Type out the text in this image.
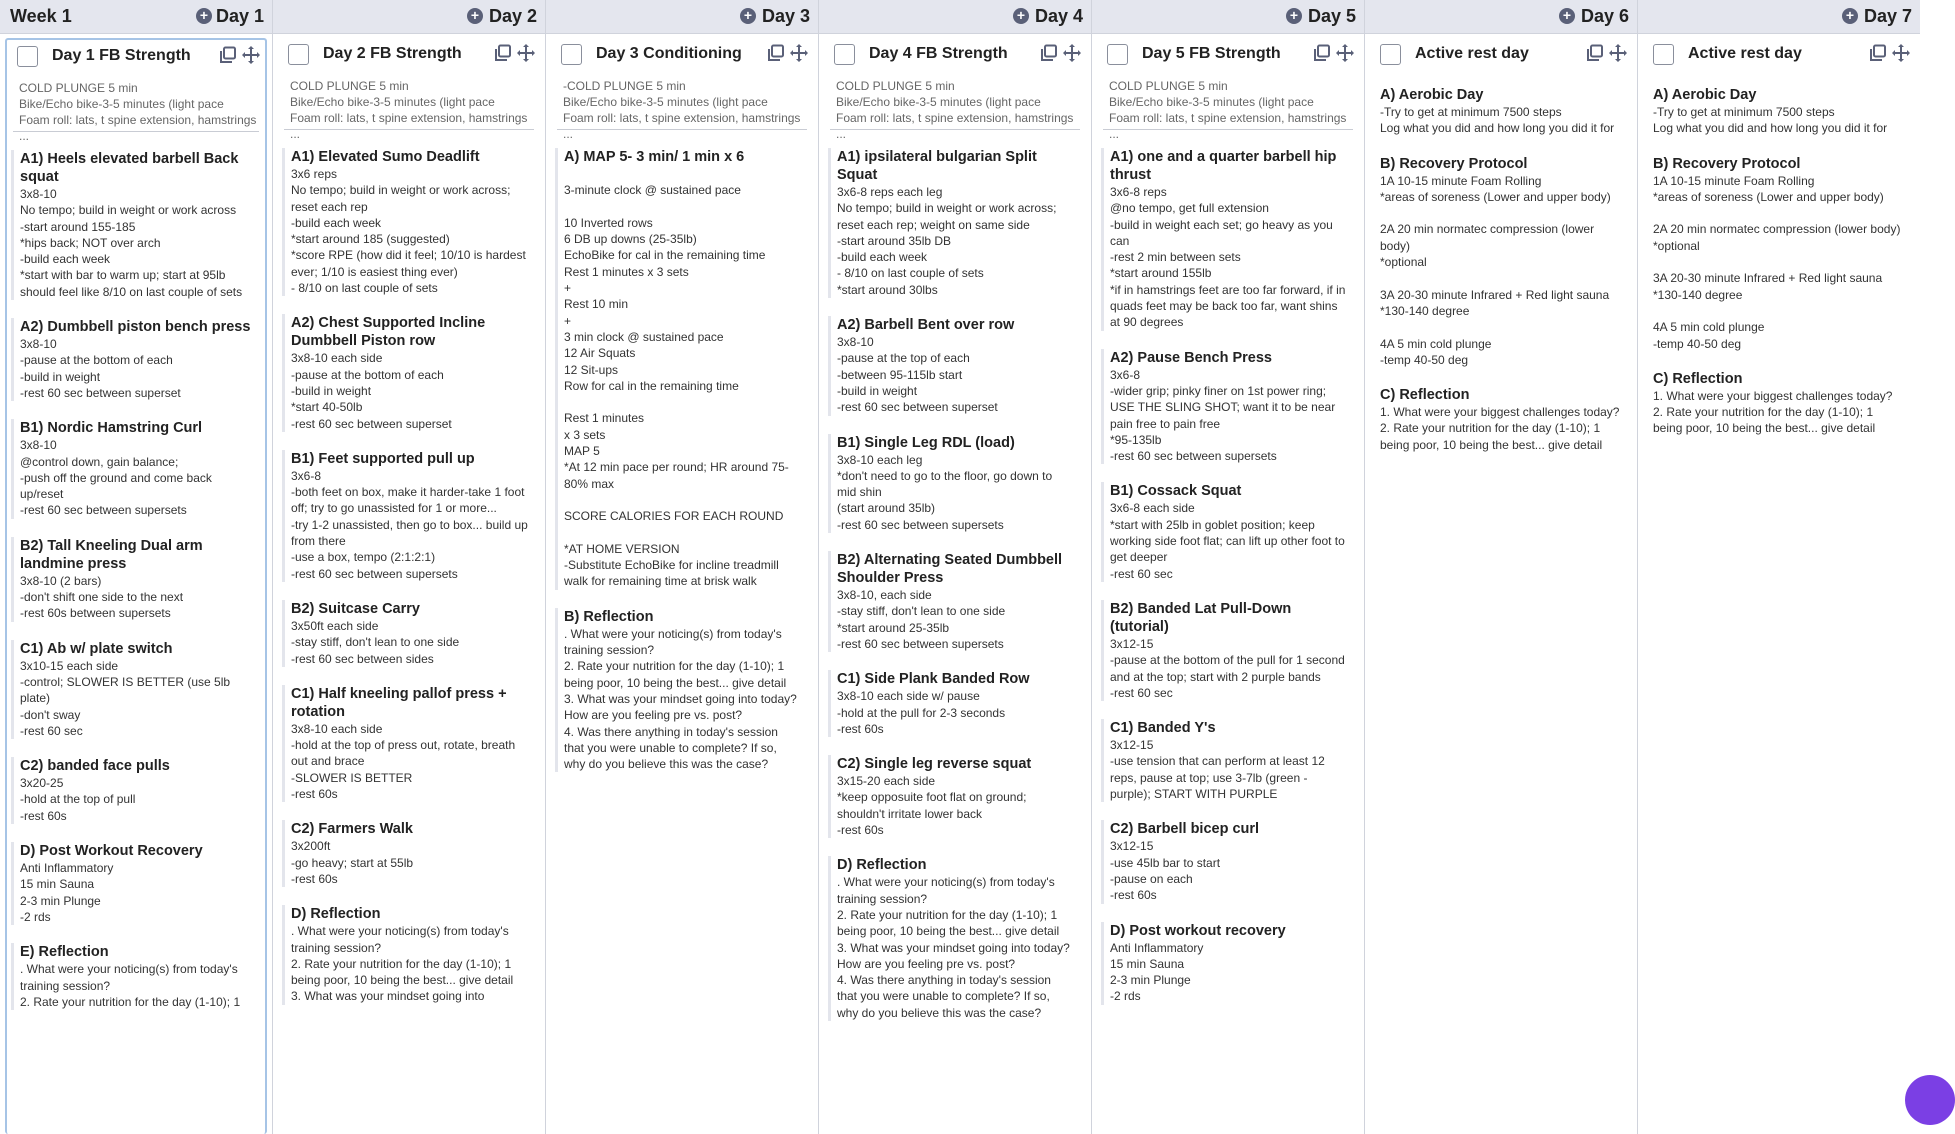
Week 1	+ Day 1
Day 1 FB Strength
COLD PLUNGE 5 min
Bike/Echo bike-3-5 minutes (light pace
Foam roll: lats, t spine extension, hamstrings
...
A1) Heels elevated barbell Back squat

3x8-10
No tempo; build in weight or work across
-start around 155-185
*hips back; NOT over arch
-build each week
*start with bar to warm up; start at 95lb should feel like 8/10 on last couple of sets

A2) Dumbbell piston bench press

3x8-10
-pause at the bottom of each
-build in weight
-rest 60 sec between superset

B1) Nordic Hamstring Curl

3x8-10
@control down, gain balance;
-push off the ground and come back up/reset
-rest 60 sec between supersets

B2) Tall Kneeling Dual arm landmine press

3x8-10 (2 bars)
-don't shift one side to the next
-rest 60s between supersets

C1) Ab w/ plate switch

3x10-15 each side
-control; SLOWER IS BETTER (use 5lb plate)
-don't sway
-rest 60 sec

C2) banded face pulls

3x20-25
-hold at the top of pull
-rest 60s

D) Post Workout Recovery

Anti Inflammatory
15 min Sauna
2-3 min Plunge
-2 rds

E) Reflection

. What were your noticing(s) from today's training session?
2. Rate your nutrition for the day (1-10); 1

+ Day 2
Day 2 FB Strength
COLD PLUNGE 5 min
Bike/Echo bike-3-5 minutes (light pace
Foam roll: lats, t spine extension, hamstrings
...
A1) Elevated Sumo Deadlift

3x6 reps
No tempo; build in weight or work across; reset each rep
-build each week
*start around 185 (suggested)
*score RPE (how did it feel; 10/10 is hardest ever; 1/10 is easiest thing ever)
- 8/10 on last couple of sets

A2) Chest Supported Incline Dumbbell Piston row

3x8-10 each side
-pause at the bottom of each
-build in weight
*start 40-50lb
-rest 60 sec between superset

B1) Feet supported pull up

3x6-8
-both feet on box, make it harder-take 1 foot off; try to go unassisted for 1 or more...
-try 1-2 unassisted, then go to box... build up from there
-use a box, tempo (2:1:2:1)
-rest 60 sec between supersets

B2) Suitcase Carry

3x50ft each side
-stay stiff, don't lean to one side
-rest 60 sec between sides

C1) Half kneeling pallof press + rotation

3x8-10 each side
-hold at the top of press out, rotate, breath out and brace
-SLOWER IS BETTER
-rest 60s

C2) Farmers Walk

3x200ft
-go heavy; start at 55lb
-rest 60s

D) Reflection

. What were your noticing(s) from today's training session?
2. Rate your nutrition for the day (1-10); 1 being poor, 10 being the best... give detail
3. What was your mindset going into

+ Day 3
Day 3 Conditioning
-COLD PLUNGE 5 min
Bike/Echo bike-3-5 minutes (light pace
Foam roll: lats, t spine extension, hamstrings
...
A) MAP 5- 3 min/ 1 min x 6

3-minute clock @ sustained pace

10 Inverted rows
6 DB up downs (25-35lb)
EchoBike for cal in the remaining time
Rest 1 minutes x 3 sets
+
Rest 10 min
+
3 min clock @ sustained pace
12 Air Squats
12 Sit-ups
Row for cal in the remaining time

Rest 1 minutes
x 3 sets
MAP 5
*At 12 min pace per round; HR around 75-80% max

SCORE CALORIES FOR EACH ROUND

*AT HOME VERSION
-Substitute EchoBike for incline treadmill walk for remaining time at brisk walk

B) Reflection

. What were your noticing(s) from today's training session?
2. Rate your nutrition for the day (1-10); 1 being poor, 10 being the best... give detail
3. What was your mindset going into today? How are you feeling pre vs. post?
4. Was there anything in today's session that you were unable to complete? If so, why do you believe this was the case?

+ Day 4
Day 4 FB Strength
COLD PLUNGE 5 min
Bike/Echo bike-3-5 minutes (light pace
Foam roll: lats, t spine extension, hamstrings
...
A1) ipsilateral bulgarian Split Squat

3x6-8 reps each leg
No tempo; build in weight or work across; reset each rep; weight on same side
-start around 35lb DB
-build each week
- 8/10 on last couple of sets
*start around 30lbs

A2) Barbell Bent over row

3x8-10
-pause at the top of each
-between 95-115lb start
-build in weight
-rest 60 sec between superset

B1) Single Leg RDL (load)

3x8-10 each leg
*don't need to go to the floor, go down to mid shin
(start around 35lb)
-rest 60 sec between supersets

B2) Alternating Seated Dumbbell Shoulder Press

3x8-10, each side
-stay stiff, don't lean to one side
*start around 25-35lb
-rest 60 sec between supersets

C1) Side Plank Banded Row

3x8-10 each side w/ pause
-hold at the pull for 2-3 seconds
-rest 60s

C2) Single leg reverse squat

3x15-20 each side
*keep opposuite foot flat on ground; shouldn't irritate lower back
-rest 60s

D) Reflection

. What were your noticing(s) from today's training session?
2. Rate your nutrition for the day (1-10); 1 being poor, 10 being the best... give detail
3. What was your mindset going into today? How are you feeling pre vs. post?
4. Was there anything in today's session that you were unable to complete? If so, why do you believe this was the case?

+ Day 5
Day 5 FB Strength
COLD PLUNGE 5 min
Bike/Echo bike-3-5 minutes (light pace
Foam roll: lats, t spine extension, hamstrings
...
A1) one and a quarter barbell hip thrust

3x6-8 reps
@no tempo, get full extension
-build in weight each set; go heavy as you can
-rest 2 min between sets
*start around 155lb
*if in hamstrings feet are too far forward, if in quads feet may be back too far, want shins at 90 degrees

A2) Pause Bench Press

3x6-8
-wider grip; pinky finer on 1st power ring; USE THE SLING SHOT; want it to be near pain free to pain free
*95-135lb
-rest 60 sec between supersets

B1) Cossack Squat

3x6-8 each side
*start with 25lb in goblet position; keep working side foot flat; can lift up other foot to get deeper
-rest 60 sec

B2) Banded Lat Pull-Down (tutorial)

3x12-15
-pause at the bottom of the pull for 1 second and at the top; start with 2 purple bands
-rest 60 sec

C1) Banded Y's

3x12-15
-use tension that can perform at least 12 reps, pause at top; use 3-7lb (green - purple); START WITH PURPLE

C2) Barbell bicep curl

3x12-15
-use 45lb bar to start
-pause on each
-rest 60s

D) Post workout recovery

Anti Inflammatory
15 min Sauna
2-3 min Plunge
-2 rds

+ Day 6
Active rest day
A) Aerobic Day

-Try to get at minimum 7500 steps
Log what you did and how long you did it for

B) Recovery Protocol

1A 10-15 minute Foam Rolling
*areas of soreness (Lower and upper body)

2A 20 min normatec compression (lower body)
*optional

3A 20-30 minute Infrared + Red light sauna
*130-140 degree

4A 5 min cold plunge
-temp 40-50 deg

C) Reflection

1. What were your biggest challenges today?
2. Rate your nutrition for the day (1-10); 1 being poor, 10 being the best... give detail

+ Day 7
Active rest day
A) Aerobic Day

-Try to get at minimum 7500 steps
Log what you did and how long you did it for

B) Recovery Protocol

1A 10-15 minute Foam Rolling
*areas of soreness (Lower and upper body)

2A 20 min normatec compression (lower body)
*optional

3A 20-30 minute Infrared + Red light sauna
*130-140 degree

4A 5 min cold plunge
-temp 40-50 deg

C) Reflection

1. What were your biggest challenges today?
2. Rate your nutrition for the day (1-10); 1 being poor, 10 being the best... give detail
